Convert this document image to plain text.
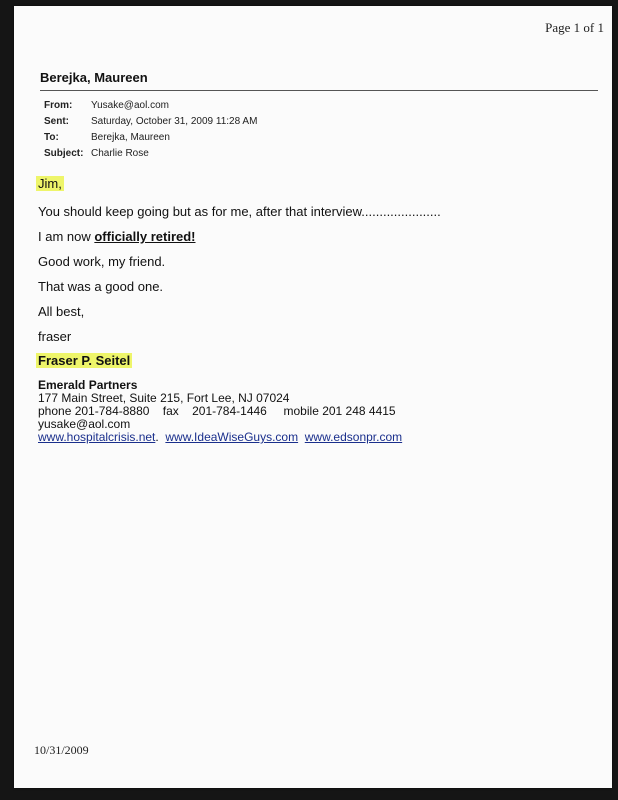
Page 1 of 1
Berejka, Maureen
From:	Yusake@aol.com
Sent:	Saturday, October 31, 2009 11:28 AM
To:	Berejka, Maureen
Subject: Charlie Rose
Jim,
You should keep going but as for me, after that interview......................
I am now officially retired!
Good work, my friend.
That was a good one.
All best,
fraser
Fraser P. Seitel
Emerald Partners
177 Main Street, Suite 215, Fort Lee, NJ 07024
phone 201-784-8880    fax    201-784-1446     mobile 201 248 4415
yusake@aol.com
www.hospitalcrisis.net.  www.IdeaWiseGuys.com www.edsonpr.com
10/31/2009
